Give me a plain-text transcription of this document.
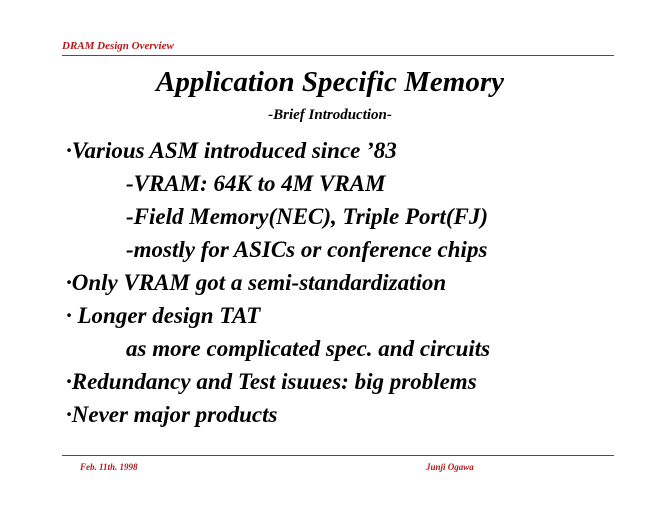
DRAM Design Overview
Application Specific Memory
-Brief Introduction-
·Various ASM introduced since ’83
-VRAM: 64K to 4M VRAM
-Field Memory(NEC), Triple Port(FJ)
-mostly for ASICs or conference chips
·Only VRAM got a semi-standardization
· Longer design TAT
as more complicated spec. and circuits
·Redundancy and Test isuues: big problems
·Never major products
Feb. 11th. 1998	Junji Ogawa
